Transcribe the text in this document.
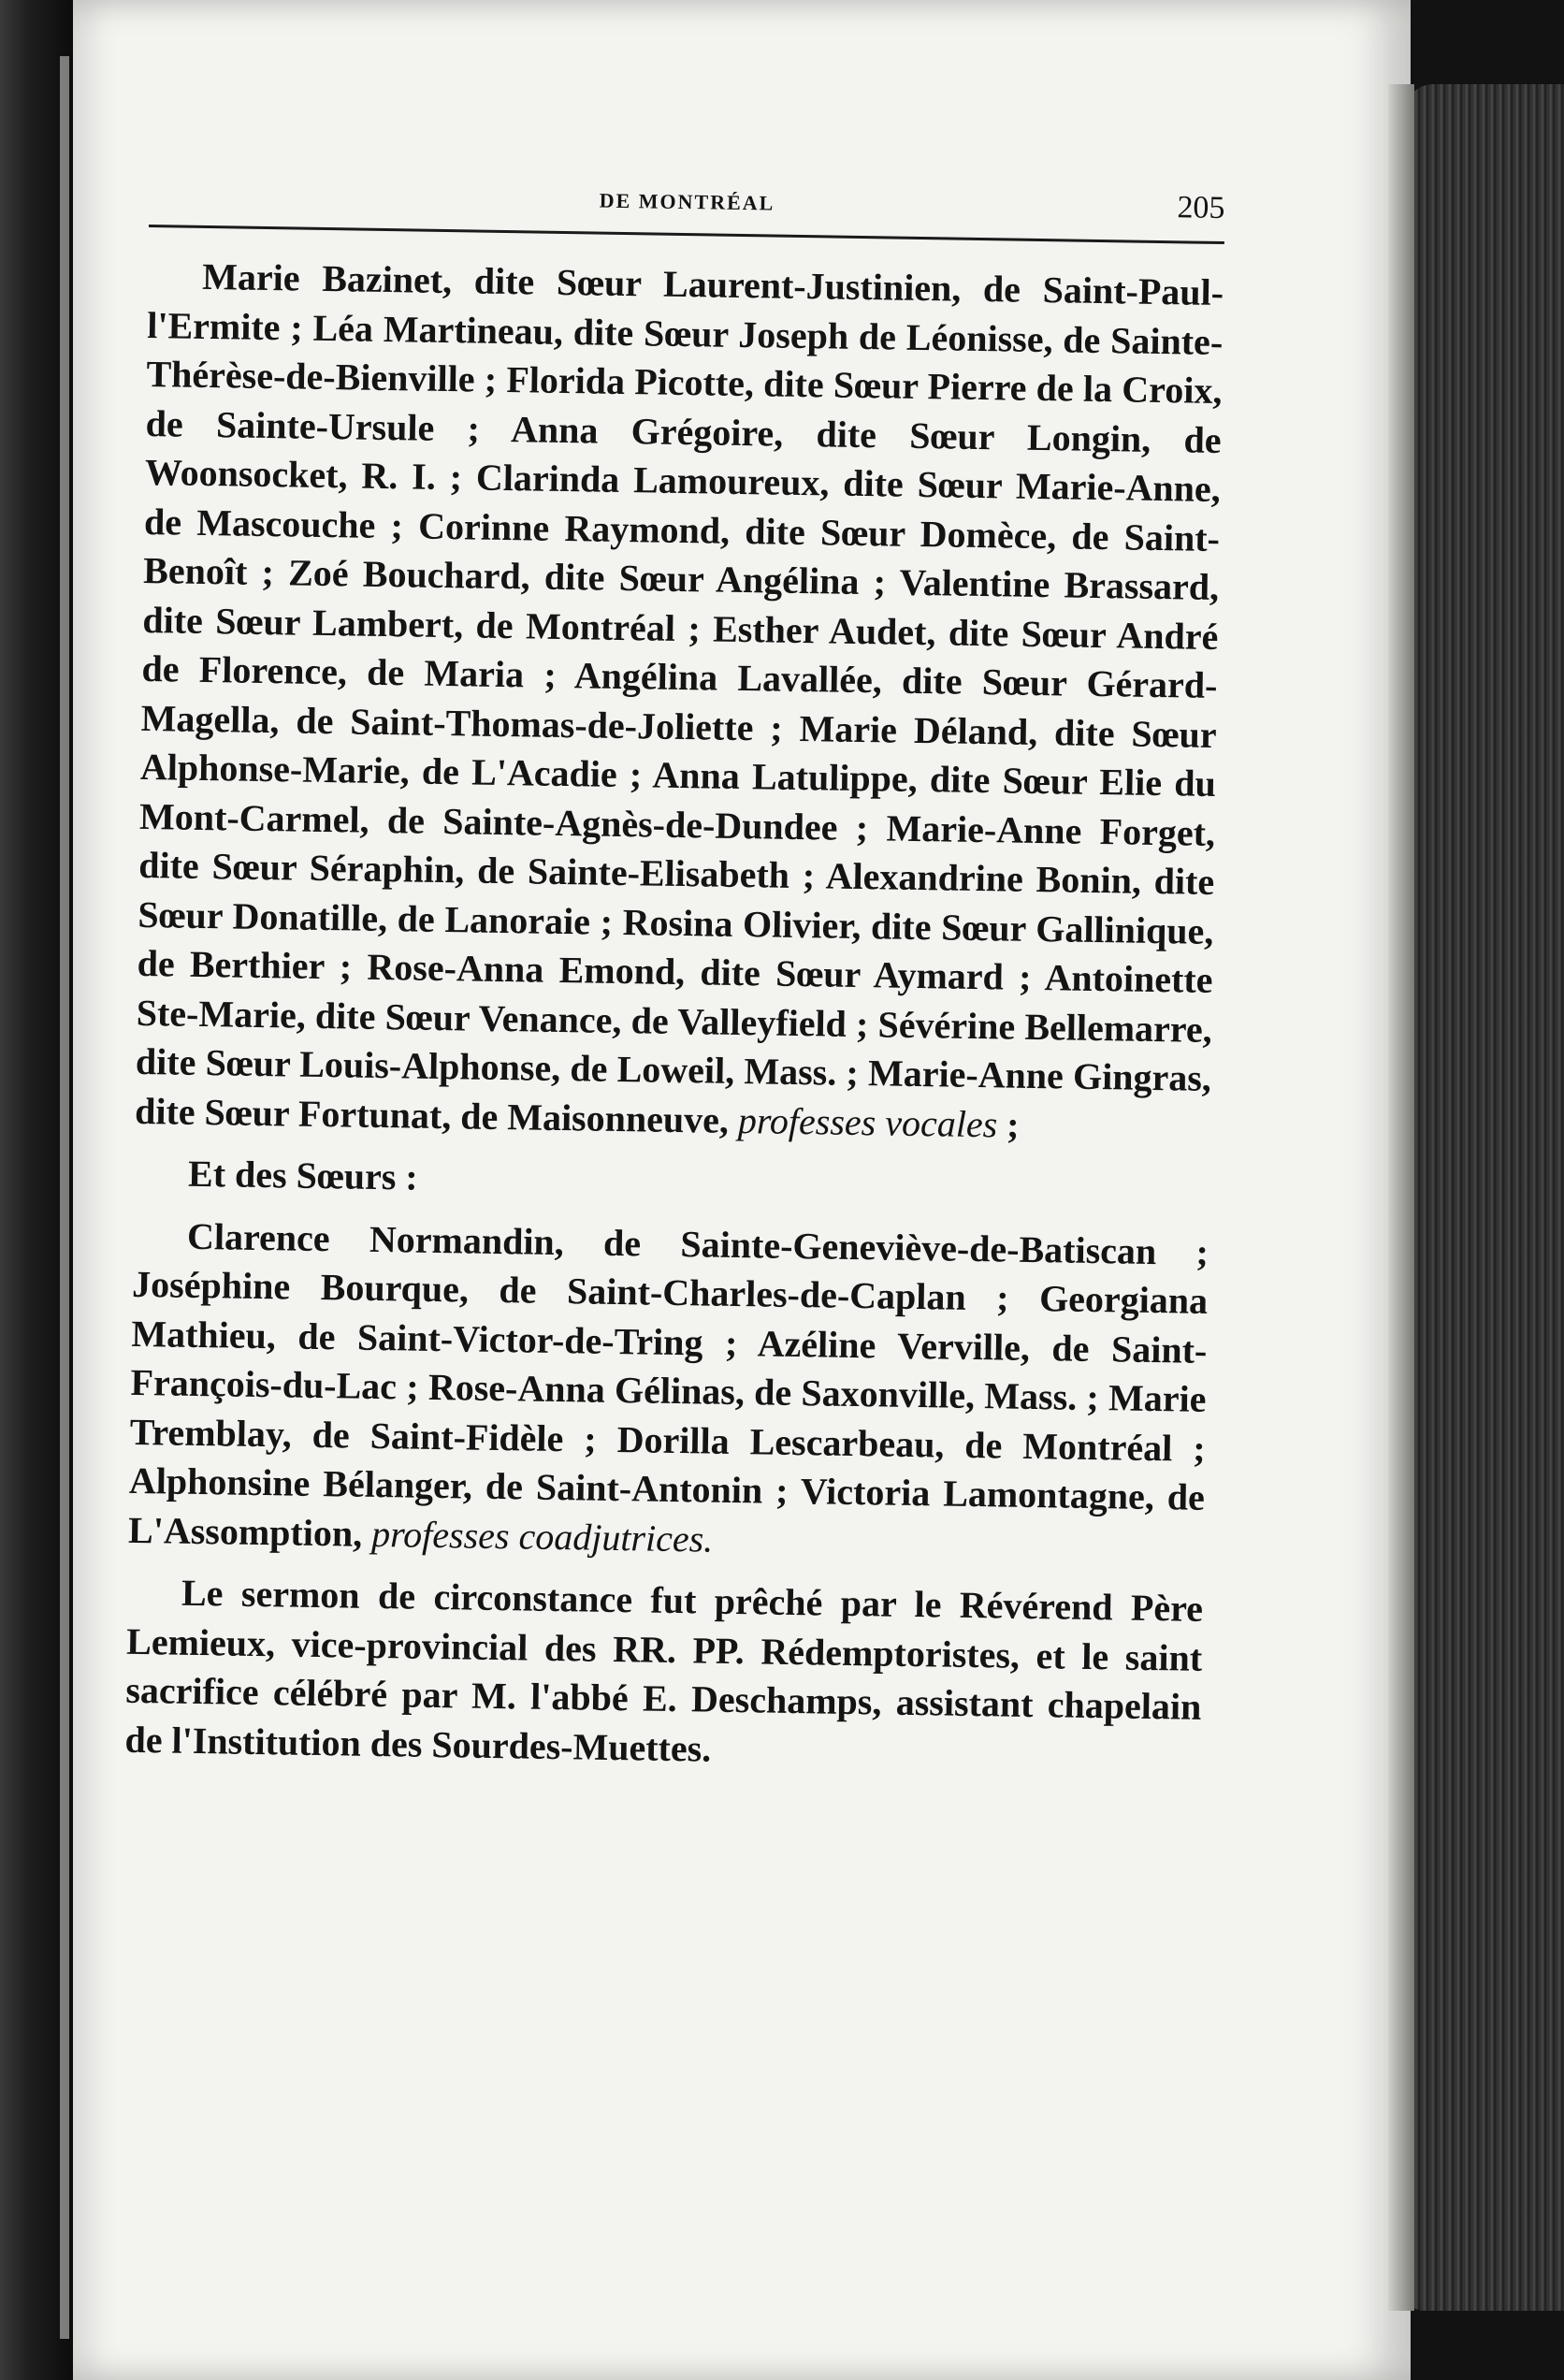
DE MONTRÉAL	205

Marie Bazinet, dite Sœur Laurent-Justinien, de Saint-Paul-l'Ermite ; Léa Martineau, dite Sœur Joseph de Léonisse, de Sainte-Thérèse-de-Bienville ; Florida Picotte, dite Sœur Pierre de la Croix, de Sainte-Ursule ; Anna Grégoire, dite Sœur Longin, de Woonsocket, R. I. ; Clarinda Lamoureux, dite Sœur Marie-Anne, de Mascouche ; Corinne Raymond, dite Sœur Domèce, de Saint-Benoît ; Zoé Bouchard, dite Sœur Angélina ; Valentine Brassard, dite Sœur Lambert, de Montréal ; Esther Audet, dite Sœur André de Florence, de Maria ; Angélina Lavallée, dite Sœur Gérard-Magella, de Saint-Thomas-de-Joliette ; Marie Déland, dite Sœur Alphonse-Marie, de L'Acadie ; Anna Latulippe, dite Sœur Elie du Mont-Carmel, de Sainte-Agnès-de-Dundee ; Marie-Anne Forget, dite Sœur Séraphin, de Sainte-Elisabeth ; Alexandrine Bonin, dite Sœur Donatille, de Lanoraie ; Rosina Olivier, dite Sœur Gallinique, de Berthier ; Rose-Anna Emond, dite Sœur Aymard ; Antoinette Ste-Marie, dite Sœur Venance, de Valleyfield ; Sévérine Bellemarre, dite Sœur Louis-Alphonse, de Loweil, Mass. ; Marie-Anne Gingras, dite Sœur Fortunat, de Maisonneuve, professes vocales ;

Et des Sœurs :

Clarence Normandin, de Sainte-Geneviève-de-Batiscan ; Joséphine Bourque, de Saint-Charles-de-Caplan ; Georgiana Mathieu, de Saint-Victor-de-Tring ; Azéline Verville, de Saint-François-du-Lac ; Rose-Anna Gélinas, de Saxonville, Mass. ; Marie Tremblay, de Saint-Fidèle ; Dorilla Lescarbeau, de Montréal ; Alphonsine Bélanger, de Saint-Antonin ; Victoria Lamontagne, de L'Assomption, professes coadjutrices.

Le sermon de circonstance fut prêché par le Révérend Père Lemieux, vice-provincial des RR. PP. Rédemptoristes, et le saint sacrifice célébré par M. l'abbé E. Deschamps, assistant chapelain de l'Institution des Sourdes-Muettes.
